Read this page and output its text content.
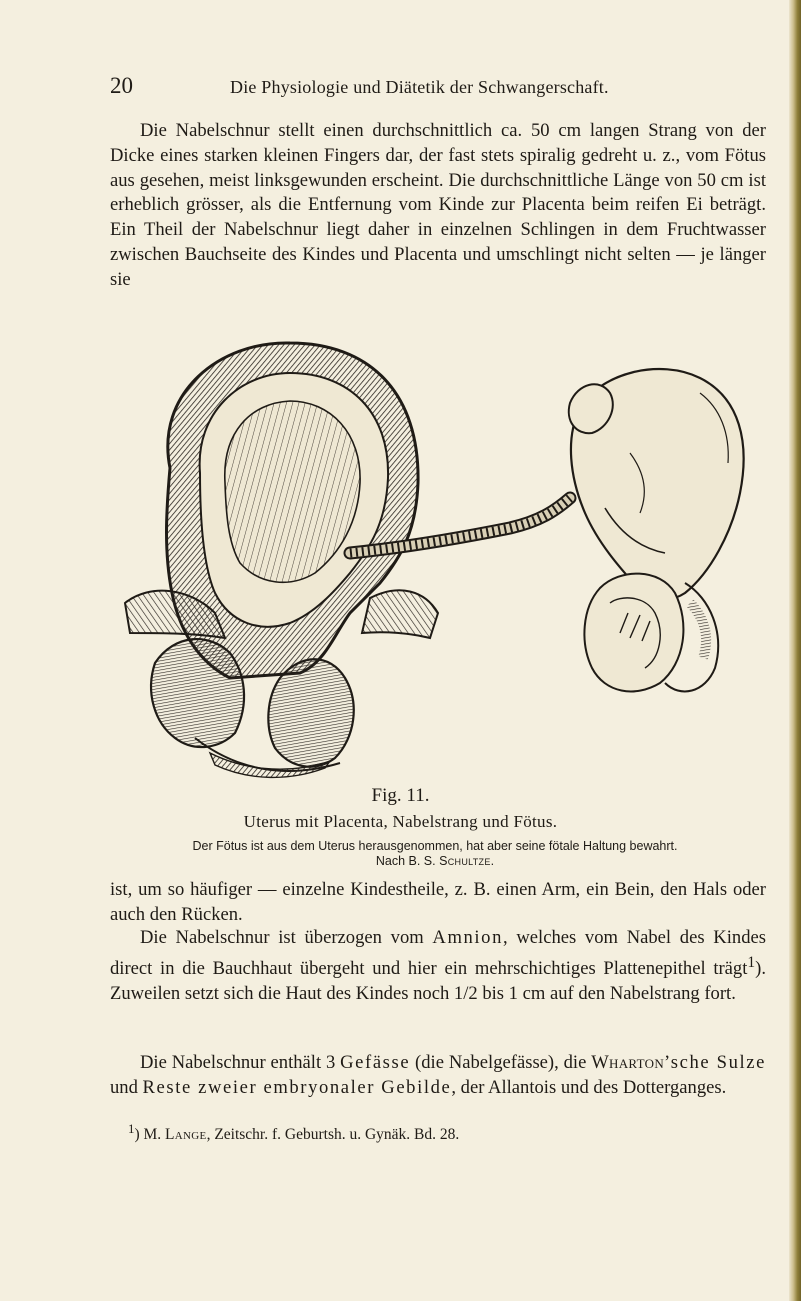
20	Die Physiologie und Diätetik der Schwangerschaft.

Die Nabelschnur stellt einen durchschnittlich ca. 50 cm langen Strang von der Dicke eines starken kleinen Fingers dar, der fast stets spiralig gedreht u. z., vom Fötus aus gesehen, meist linksgewunden erscheint. Die durchschnittliche Länge von 50 cm ist erheblich grösser, als die Entfernung vom Kinde zur Placenta beim reifen Ei beträgt. Ein Theil der Nabelschnur liegt daher in einzelnen Schlingen in dem Fruchtwasser zwischen Bauchseite des Kindes und Placenta und umschlingt nicht selten — je länger sie

Fig. 11.
Uterus mit Placenta, Nabelstrang und Fötus.
Der Fötus ist aus dem Uterus herausgenommen, hat aber seine fötale Haltung bewahrt.
Nach B. S. Schultze.

ist, um so häufiger — einzelne Kindestheile, z. B. einen Arm, ein Bein, den Hals oder auch den Rücken.

Die Nabelschnur ist überzogen vom Amnion, welches vom Nabel des Kindes direct in die Bauchhaut übergeht und hier ein mehrschichtiges Plattenepithel trägt$^1$). Zuweilen setzt sich die Haut des Kindes noch 1/2 bis 1 cm auf den Nabelstrang fort.

Die Nabelschnur enthält 3 Gefässe (die Nabelgefässe), die Wharton’sche Sulze und Reste zweier embryonaler Gebilde, der Allantois und des Dotterganges.

$^1$) M. Lange, Zeitschr. f. Geburtsh. u. Gynäk. Bd. 28.
